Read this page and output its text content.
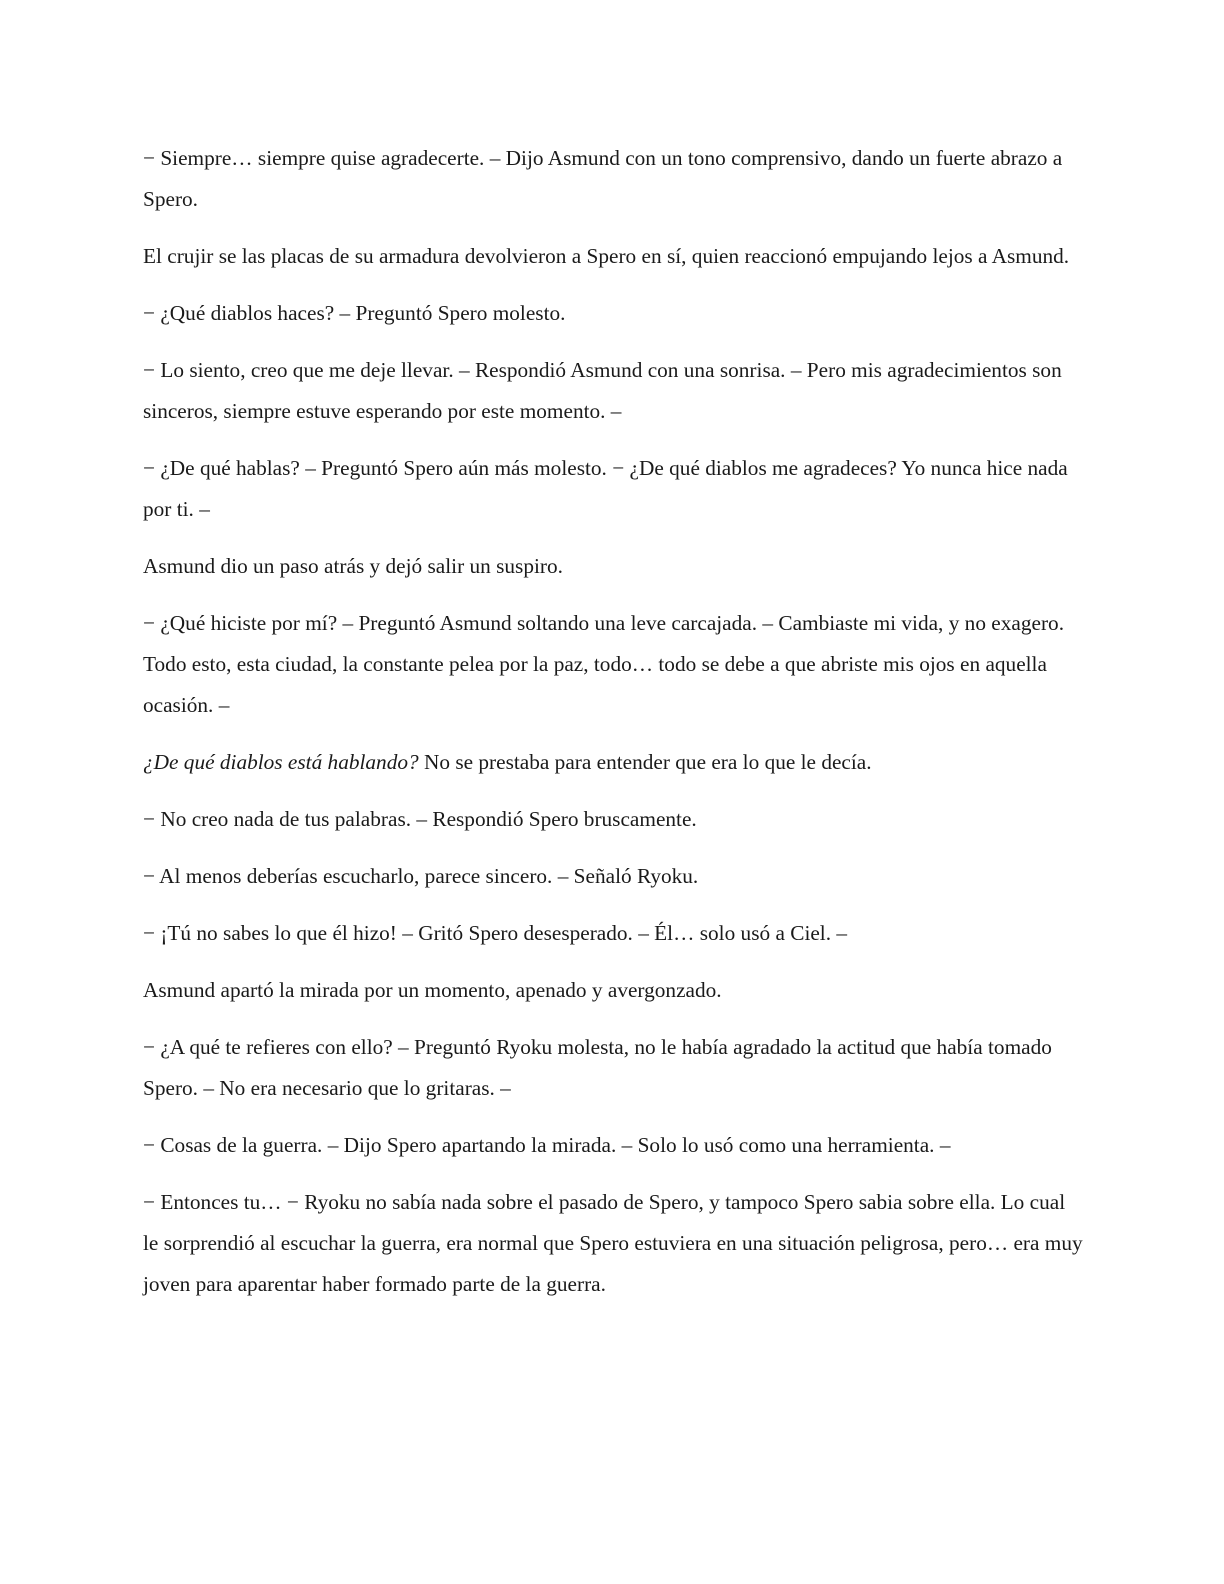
− Siempre… siempre quise agradecerte. – Dijo Asmund con un tono comprensivo, dando un fuerte abrazo a Spero.

El crujir se las placas de su armadura devolvieron a Spero en sí, quien reaccionó empujando lejos a Asmund.

− ¿Qué diablos haces? – Preguntó Spero molesto.

− Lo siento, creo que me deje llevar. – Respondió Asmund con una sonrisa. – Pero mis agradecimientos son sinceros, siempre estuve esperando por este momento. –

− ¿De qué hablas? – Preguntó Spero aún más molesto. − ¿De qué diablos me agradeces? Yo nunca hice nada por ti. –

Asmund dio un paso atrás y dejó salir un suspiro.

− ¿Qué hiciste por mí? – Preguntó Asmund soltando una leve carcajada. – Cambiaste mi vida, y no exagero. Todo esto, esta ciudad, la constante pelea por la paz, todo… todo se debe a que abriste mis ojos en aquella ocasión. –

¿De qué diablos está hablando? No se prestaba para entender que era lo que le decía.

− No creo nada de tus palabras. – Respondió Spero bruscamente.

− Al menos deberías escucharlo, parece sincero. – Señaló Ryoku.

− ¡Tú no sabes lo que él hizo! – Gritó Spero desesperado. – Él… solo usó a Ciel. –

Asmund apartó la mirada por un momento, apenado y avergonzado.

− ¿A qué te refieres con ello? – Preguntó Ryoku molesta, no le había agradado la actitud que había tomado Spero. – No era necesario que lo gritaras. –

− Cosas de la guerra. – Dijo Spero apartando la mirada. – Solo lo usó como una herramienta. –

− Entonces tu… − Ryoku no sabía nada sobre el pasado de Spero, y tampoco Spero sabia sobre ella. Lo cual le sorprendió al escuchar la guerra, era normal que Spero estuviera en una situación peligrosa, pero… era muy joven para aparentar haber formado parte de la guerra.
